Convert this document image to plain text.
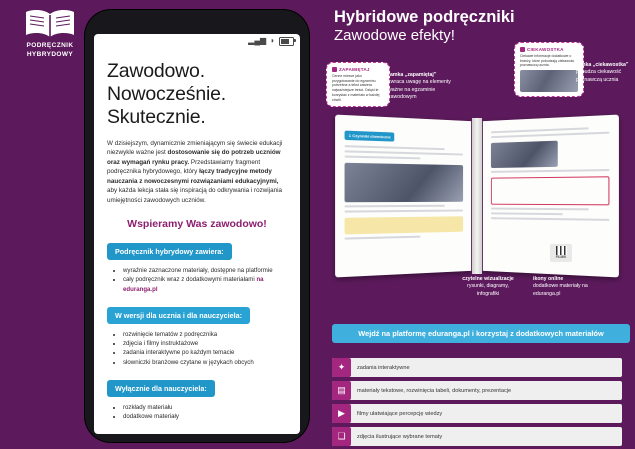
PODRĘCZNIK
HYBRYDOWY
▂▄▆ ◗
Zawodowo.
Nowocześnie.
Skutecznie.
W dzisiejszym, dynamicznie zmieniającym się świecie edukacji niezwykle ważne jest dostosowanie się do potrzeb uczniów oraz wymagań rynku pracy. Przedstawiamy fragment podręcznika hybrydowego, który łączy tradycyjne metody nauczania z nowoczesnymi rozwiązaniami edukacyjnymi, aby każda lekcja stała się inspiracją do odkrywania i rozwijania umiejętności zawodowych uczniów.
Wspieramy Was zawodowo!
Podręcznik hybrydowy zawiera:
• wyraźnie zaznaczone materiały, dostępne na platformie
• cały podręcznik wraz z dodatkowymi materiałami na eduranga.pl
W wersji dla ucznia i dla nauczyciela:
• rozwinięcie tematów z podręcznika
• zdjęcia i filmy instruktażowe
• zadania interaktywne po każdym temacie
• słowniczki branżowe czytane w językach obcych
Wyłącznie dla nauczyciela:
• rozkłady materiału
• dodatkowe materiały
Hybridowe podręczniki
Zawodowe efekty!
ZAPAMIĘTAJ
Cenne miesce jako przygotowanie do egzaminu potrzebne a tekst zawiera najważniejsze treści. Dzięki te korzystać z materiału w każdej chwili.
CIEKAWOSTKA
Ciekawe informacje dodatkowe o branży, które pobudzają ciekawość poznawczą ucznia.
ramka „zapamiętaj”
zwraca uwagę na elementy ważne na egzaminie zawodowym
ramka „ciekawostka”
pobudza ciekawość poznawczą ucznia
1 Czynniki chemiczne
FILMIK
czytelne wizualizacje
rysunki, diagramy, infografiki
ikony online
dodatkowe materiały na eduranga.pl
Wejdź na platformę eduranga.pl i korzystaj z dodatkowych materiałów
✦	zadania interaktywne
▤	materiały tekstowe, rozwinięcia tabeli, dokumenty, prezentacje
▶	filmy ułatwiające percepcję wiedzy
❏	zdjęcia ilustrujące wybrane tematy
